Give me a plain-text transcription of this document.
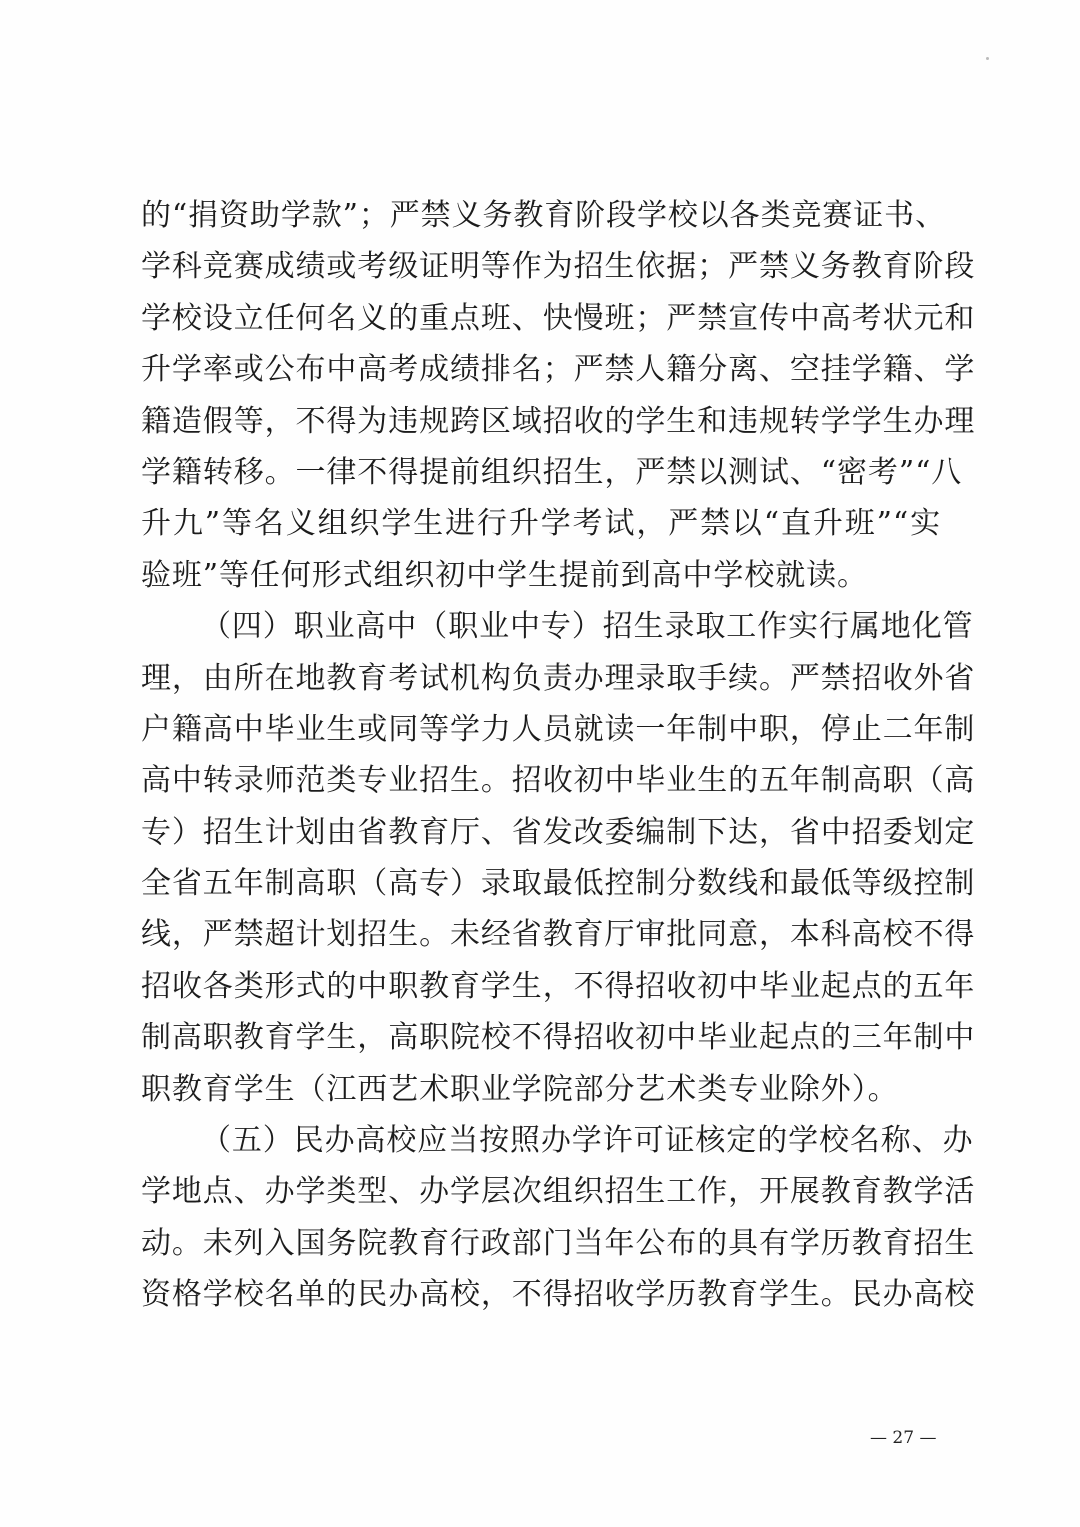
的“捐资助学款”；严禁义务教育阶段学校以各类竞赛证书、
学科竞赛成绩或考级证明等作为招生依据；严禁义务教育阶段
学校设立任何名义的重点班、快慢班；严禁宣传中高考状元和
升学率或公布中高考成绩排名；严禁人籍分离、空挂学籍、学
籍造假等，不得为违规跨区域招收的学生和违规转学学生办理
学籍转移。一律不得提前组织招生，严禁以测试、“密考”“八
升九”等名义组织学生进行升学考试，严禁以“直升班”“实
验班”等任何形式组织初中学生提前到高中学校就读。
（四）职业高中（职业中专）招生录取工作实行属地化管
理，由所在地教育考试机构负责办理录取手续。严禁招收外省
户籍高中毕业生或同等学力人员就读一年制中职，停止二年制
高中转录师范类专业招生。招收初中毕业生的五年制高职（高
专）招生计划由省教育厅、省发改委编制下达，省中招委划定
全省五年制高职（高专）录取最低控制分数线和最低等级控制
线，严禁超计划招生。未经省教育厅审批同意，本科高校不得
招收各类形式的中职教育学生，不得招收初中毕业起点的五年
制高职教育学生，高职院校不得招收初中毕业起点的三年制中
职教育学生（江西艺术职业学院部分艺术类专业除外）。
（五）民办高校应当按照办学许可证核定的学校名称、办
学地点、办学类型、办学层次组织招生工作，开展教育教学活
动。未列入国务院教育行政部门当年公布的具有学历教育招生
资格学校名单的民办高校，不得招收学历教育学生。民办高校
— 27 —
